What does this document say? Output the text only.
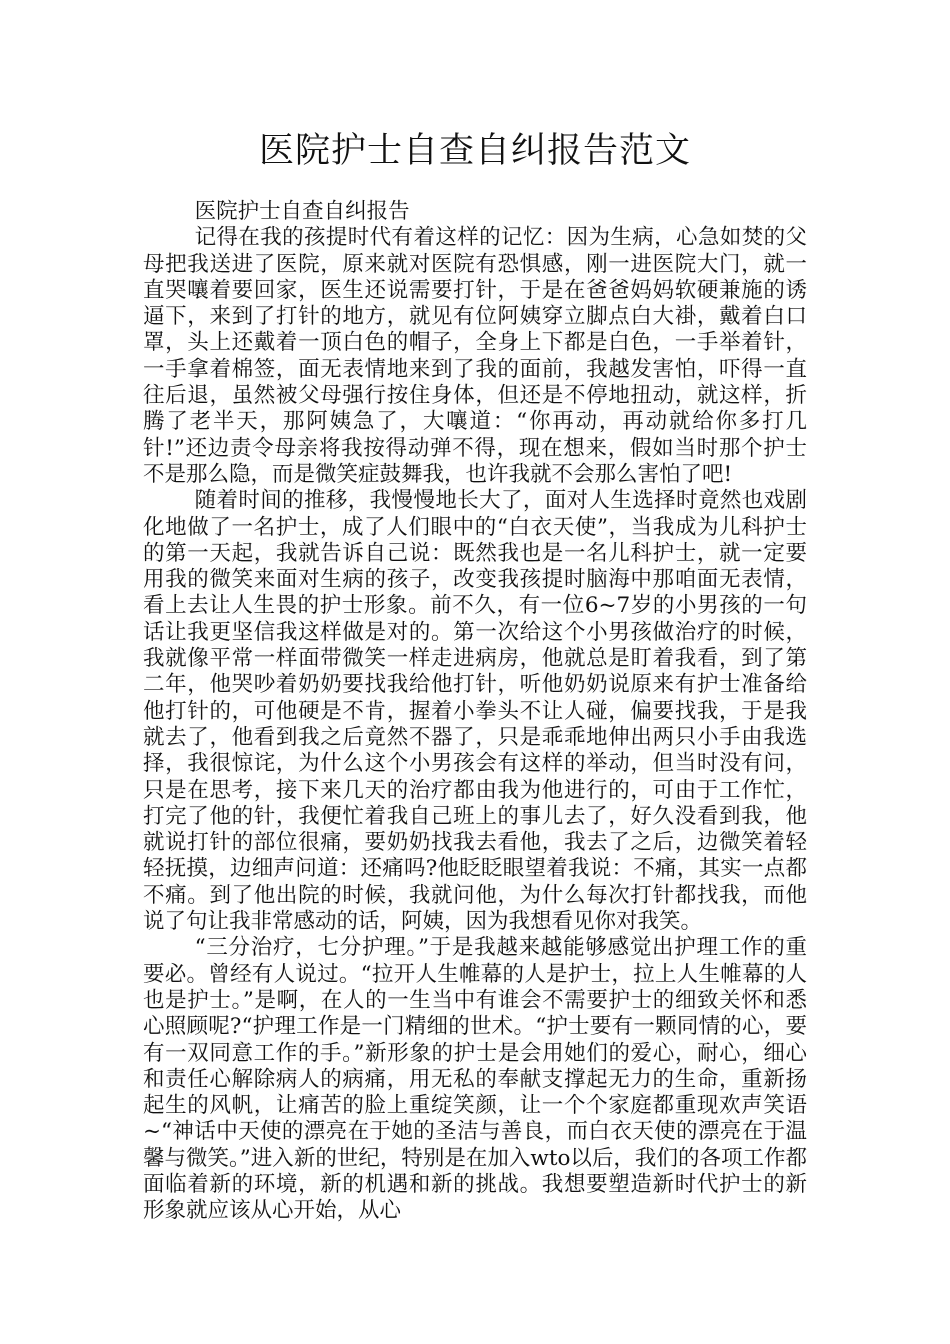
医院护士自查自纠报告范文

医院护士自查自纠报告

记得在我的孩提时代有着这样的记忆：因为生病，心急如焚的父母把我送进了医院，原来就对医院有恐惧感，刚一进医院大门，就一直哭嚷着要回家，医生还说需要打针，于是在爸爸妈妈软硬兼施的诱逼下，来到了打针的地方，就见有位阿姨穿立脚点白大褂，戴着白口罩，头上还戴着一顶白色的帽子，全身上下都是白色，一手举着针，一手拿着棉签，面无表情地来到了我的面前，我越发害怕，吓得一直往后退，虽然被父母强行按住身体，但还是不停地扭动，就这样，折腾了老半天，那阿姨急了，大嚷道：“你再动，再动就给你多打几针!”还边责令母亲将我按得动弹不得，现在想来，假如当时那个护士不是那么隐，而是微笑症鼓舞我，也许我就不会那么害怕了吧!

随着时间的推移，我慢慢地长大了，面对人生选择时竟然也戏剧化地做了一名护士，成了人们眼中的“白衣天使”，当我成为儿科护士的第一天起，我就告诉自己说：既然我也是一名儿科护士，就一定要用我的微笑来面对生病的孩子，改变我孩提时脑海中那咱面无表情，看上去让人生畏的护士形象。前不久，有一位6~7岁的小男孩的一句话让我更坚信我这样做是对的。第一次给这个小男孩做治疗的时候，我就像平常一样面带微笑一样走进病房，他就总是盯着我看，到了第二年，他哭吵着奶奶要找我给他打针，听他奶奶说原来有护士准备给他打针的，可他硬是不肯，握着小拳头不让人碰，偏要找我，于是我就去了，他看到我之后竟然不器了，只是乖乖地伸出两只小手由我选择，我很惊诧，为什么这个小男孩会有这样的举动，但当时没有问，只是在思考，接下来几天的治疗都由我为他进行的，可由于工作忙，打完了他的针，我便忙着我自己班上的事儿去了，好久没看到我，他就说打针的部位很痛，要奶奶找我去看他，我去了之后，边微笑着轻轻抚摸，边细声问道：还痛吗?他眨眨眼望着我说：不痛，其实一点都不痛。到了他出院的时候，我就问他，为什么每次打针都找我，而他说了句让我非常感动的话，阿姨，因为我想看见你对我笑。

“三分治疗，七分护理。”于是我越来越能够感觉出护理工作的重要必。曾经有人说过。“拉开人生帷幕的人是护士，拉上人生帷幕的人也是护士。”是啊，在人的一生当中有谁会不需要护士的细致关怀和悉心照顾呢?“护理工作是一门精细的世术。“护士要有一颗同情的心，要有一双同意工作的手。”新形象的护士是会用她们的爱心，耐心，细心和责任心解除病人的病痛，用无私的奉献支撑起无力的生命，重新扬起生的风帆，让痛苦的脸上重绽笑颜，让一个个家庭都重现欢声笑语~“神话中天使的漂亮在于她的圣洁与善良，而白衣天使的漂亮在于温馨与微笑。”进入新的世纪，特别是在加入wto以后，我们的各项工作都面临着新的环境，新的机遇和新的挑战。我想要塑造新时代护士的新形象就应该从心开始，从心
